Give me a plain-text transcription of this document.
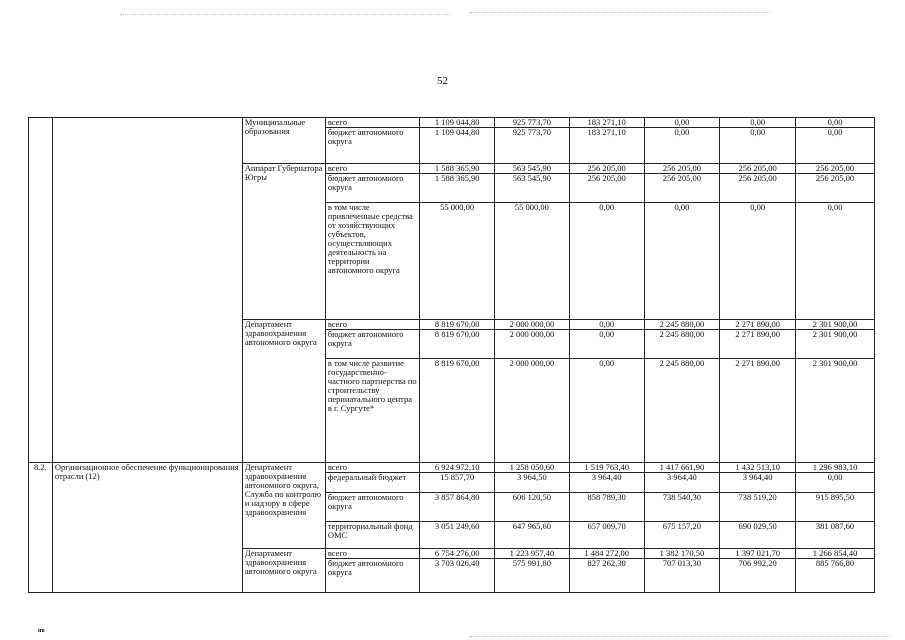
52
		Муниципальные образования	всего	1 109 044,80	925 773,70	183 271,10	0,00	0,00	0,00
			бюджет автономного округа	1 109 044,80	925 773,70	183 271,10	0,00	0,00	0,00
		Аппарат Губернатора Югры	всего	1 588 365,90	563 545,90	256 205,00	256 205,00	256 205,00	256 205,00
			бюджет автономного округа	1 588 365,90	563 545,90	256 205,00	256 205,00	256 205,00	256 205,00
			в том числе привлеченные средства от хозяйствующих субъектов, осуществляющих деятельность на территории автономного округа	55 000,00	55 000,00	0,00	0,00	0,00	0,00
		Департамент здравоохранения автономного округа	всего	8 819 670,00	2 000 000,00	0,00	2 245 880,00	2 271 890,00	2 301 900,00
			бюджет автономного округа	8 819 670,00	2 000 000,00	0,00	2 245 880,00	2 271 890,00	2 301 900,00
			в том числе развитие государственно-частного партнерства по строительству перинатального центра в г. Сургуте*	8 819 670,00	2 000 000,00	0,00	2 245 880,00	2 271 890,00	2 301 900,00
8.2.	Организационное обеспечение функционирования отрасли (12)	Департамент здравоохранения автономного округа, Служба по контролю и надзору в сфере здравоохранения	всего	6 924 972,10	1 258 050,60	1 519 763,40	1 417 661,90	1 432 513,10	1 296 983,10
			федеральный бюджет	15 857,70	3 964,50	3 964,40	3 964,40	3 964,40	0,00
			бюджет автономного округа	3 857 864,80	606 120,50	858 789,30	738 540,30	738 519,20	915 895,50
			территориальный фонд ОМС	3 051 249,60	647 965,60	657 009,70	675 157,20	690 029,50	381 087,60
		Департамент здравоохранения автономного округа	всего	6 754 276,00	1 223 957,40	1 484 272,00	1 382 170,50	1 397 021,70	1 266 854,40
			бюджет автономного округа	3 703 026,40	575 991,80	827 262,30	707 013,30	706 992,20	885 766,80
нв
